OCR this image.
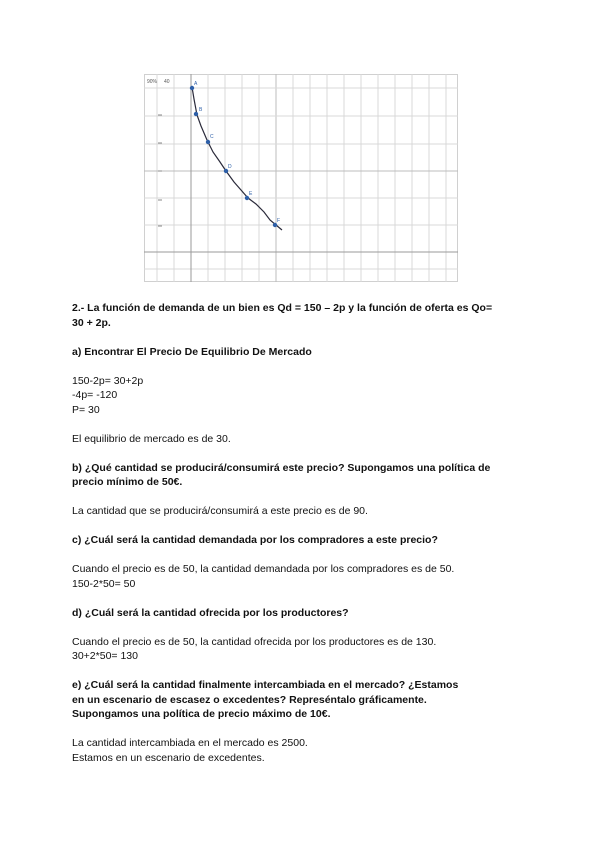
90% 40	A
B
C
D
E
F

2.- La función de demanda de un bien es Qd = 150 – 2p y la función de oferta es Qo=

30 + 2p.

a) Encontrar El Precio De Equilibrio De Mercado

150-2p= 30+2p

-4p= -120

P= 30

El equilibrio de mercado es de 30.

b) ¿Qué cantidad se producirá/consumirá este precio? Supongamos una política de

precio mínimo de 50€.

La cantidad que se producirá/consumirá a este precio es de 90.

c) ¿Cuál será la cantidad demandada por los compradores a este precio?

Cuando el precio es de 50, la cantidad demandada por los compradores es de 50.

150-2*50= 50

d) ¿Cuál será la cantidad ofrecida por los productores?

Cuando el precio es de 50, la cantidad ofrecida por los productores es de 130.

30+2*50= 130

e) ¿Cuál será la cantidad finalmente intercambiada en el mercado? ¿Estamos

en un escenario de escasez o excedentes? Represéntalo gráficamente.

Supongamos una política de precio máximo de 10€.

La cantidad intercambiada en el mercado es 2500.

Estamos en un escenario de excedentes.
